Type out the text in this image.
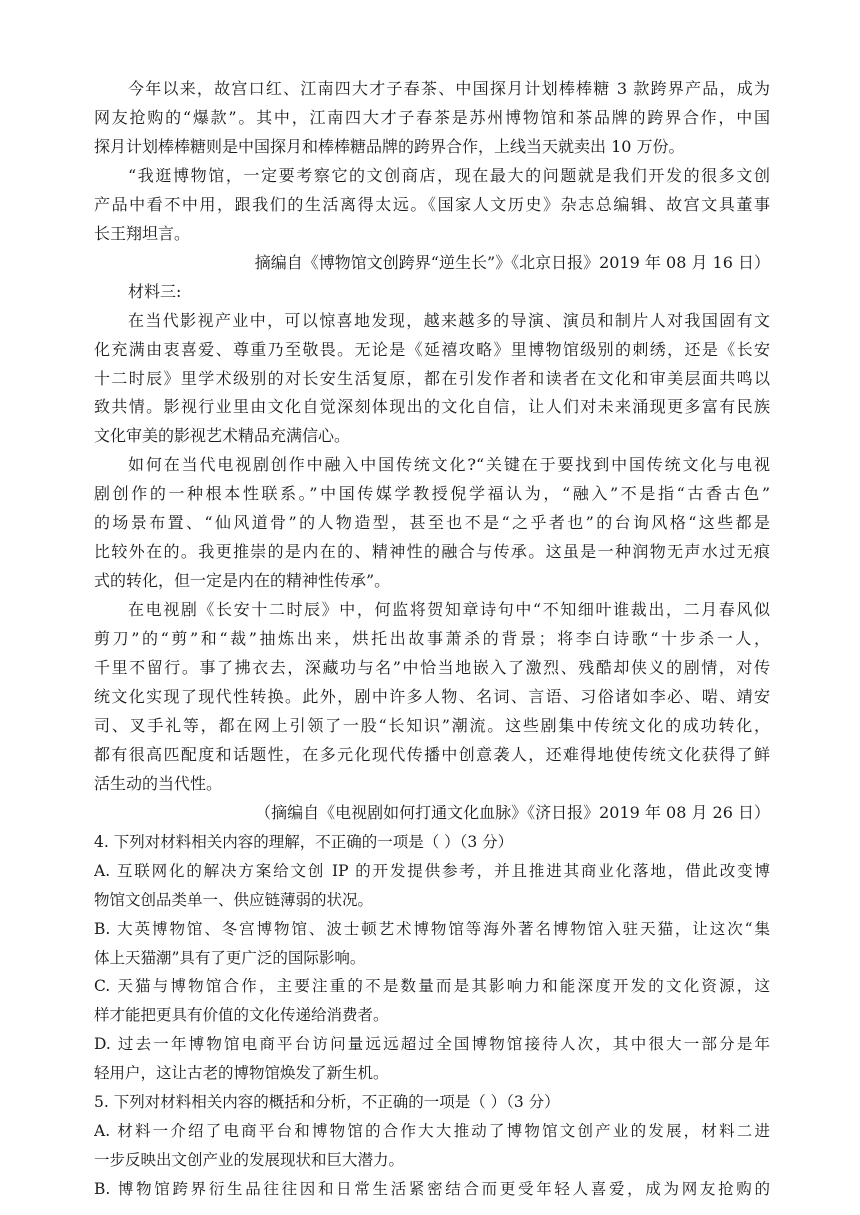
今年以来，故宫口红、江南四大才子春茶、中国探月计划棒棒糖 3 款跨界产品，成为
网友抢购的“爆款”。其中，江南四大才子春茶是苏州博物馆和茶品牌的跨界合作，中国
探月计划棒棒糖则是中国探月和棒棒糖品牌的跨界合作，上线当天就卖出 10 万份。
“我逛博物馆，一定要考察它的文创商店，现在最大的问题就是我们开发的很多文创
产品中看不中用，跟我们的生活离得太远。《国家人文历史》杂志总编辑、故宫文具董事
长王翔坦言。
摘编自《博物馆文创跨界“逆生长”》《北京日报》2019 年 08 月 16 日）
材料三:
在当代影视产业中，可以惊喜地发现，越来越多的导演、演员和制片人对我国固有文
化充满由衷喜爱、尊重乃至敬畏。无论是《延禧攻略》里博物馆级别的刺绣，还是《长安
十二时辰》里学术级别的对长安生活复原，都在引发作者和读者在文化和审美层面共鸣以
致共情。影视行业里由文化自觉深刻体现出的文化自信，让人们对未来涌现更多富有民族
文化审美的影视艺术精品充满信心。
如何在当代电视剧创作中融入中国传统文化?“关键在于要找到中国传统文化与电视
剧创作的一种根本性联系。”中国传媒学教授倪学福认为，“融入”不是指“古香古色”
的场景布置、“仙风道骨”的人物造型，甚至也不是“之乎者也”的台询风格“这些都是
比较外在的。我更推崇的是内在的、精神性的融合与传承。这虽是一种润物无声水过无痕
式的转化，但一定是内在的精神性传承”。
在电视剧《长安十二时辰》中，何监将贺知章诗句中“不知细叶谁裁出，二月春风似
剪刀”的“剪”和“裁”抽炼出来，烘托出故事萧杀的背景；将李白诗歌“十步杀一人，
千里不留行。事了拂衣去，深藏功与名”中恰当地嵌入了激烈、残酷却侠义的剧情，对传
统文化实现了现代性转换。此外，剧中许多人物、名词、言语、习俗诸如李必、啱、靖安
司、叉手礼等，都在网上引领了一股“长知识”潮流。这些剧集中传统文化的成功转化，
都有很高匹配度和话题性，在多元化现代传播中创意袭人，还难得地使传统文化获得了鲜
活生动的当代性。
（摘编自《电视剧如何打通文化血脉》《济日报》2019 年 08 月 26 日）
4. 下列对材料相关内容的理解，不正确的一项是（ ）（3 分）
A. 互联网化的解决方案给文创 IP 的开发提供参考，并且推进其商业化落地，借此改变博
物馆文创品类单一、供应链薄弱的状况。
B. 大英博物馆、冬宫博物馆、波士顿艺术博物馆等海外著名博物馆入驻天猫，让这次“集
体上天猫潮”具有了更广泛的国际影响。
C. 天猫与博物馆合作，主要注重的不是数量而是其影响力和能深度开发的文化资源，这
样才能把更具有价值的文化传递给消费者。
D. 过去一年博物馆电商平台访问量远远超过全国博物馆接待人次，其中很大一部分是年
轻用户，这让古老的博物馆焕发了新生机。
5. 下列对材料相关内容的概括和分析，不正确的一项是（ ）（3 分）
A. 材料一介绍了电商平台和博物馆的合作大大推动了博物馆文创产业的发展，材料二进
一步反映出文创产业的发展现状和巨大潜力。
B. 博物馆跨界衍生品往往因和日常生活紧密结合而更受年轻人喜爱，成为网友抢购的
